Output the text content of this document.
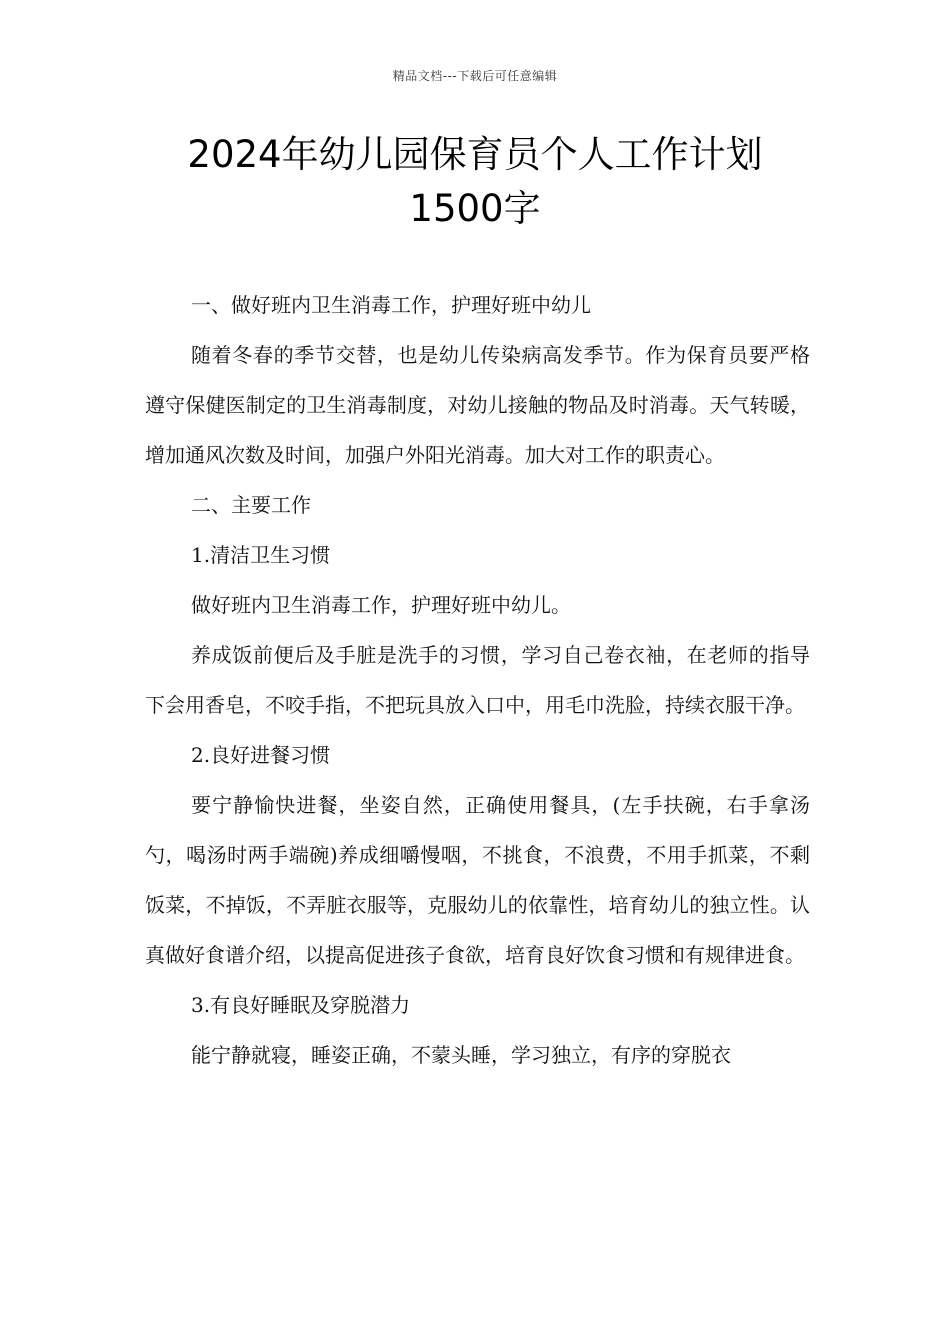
精品文档---下载后可任意编辑
2024年幼儿园保育员个人工作计划
1500字

一、做好班内卫生消毒工作，护理好班中幼儿

随着冬春的季节交替，也是幼儿传染病高发季节。作为保育员要严格遵守保健医制定的卫生消毒制度，对幼儿接触的物品及时消毒。天气转暖，增加通风次数及时间，加强户外阳光消毒。加大对工作的职责心。

二、主要工作

1.清洁卫生习惯

做好班内卫生消毒工作，护理好班中幼儿。

养成饭前便后及手脏是洗手的习惯，学习自己卷衣袖，在老师的指导下会用香皂，不咬手指，不把玩具放入口中，用毛巾洗脸，持续衣服干净。

2.良好进餐习惯

要宁静愉快进餐，坐姿自然，正确使用餐具，(左手扶碗，右手拿汤勺，喝汤时两手端碗)养成细嚼慢咽，不挑食，不浪费，不用手抓菜，不剩饭菜，不掉饭，不弄脏衣服等，克服幼儿的依靠性，培育幼儿的独立性。认真做好食谱介绍，以提高促进孩子食欲，培育良好饮食习惯和有规律进食。

3.有良好睡眠及穿脱潜力

能宁静就寝，睡姿正确，不蒙头睡，学习独立，有序的穿脱衣
